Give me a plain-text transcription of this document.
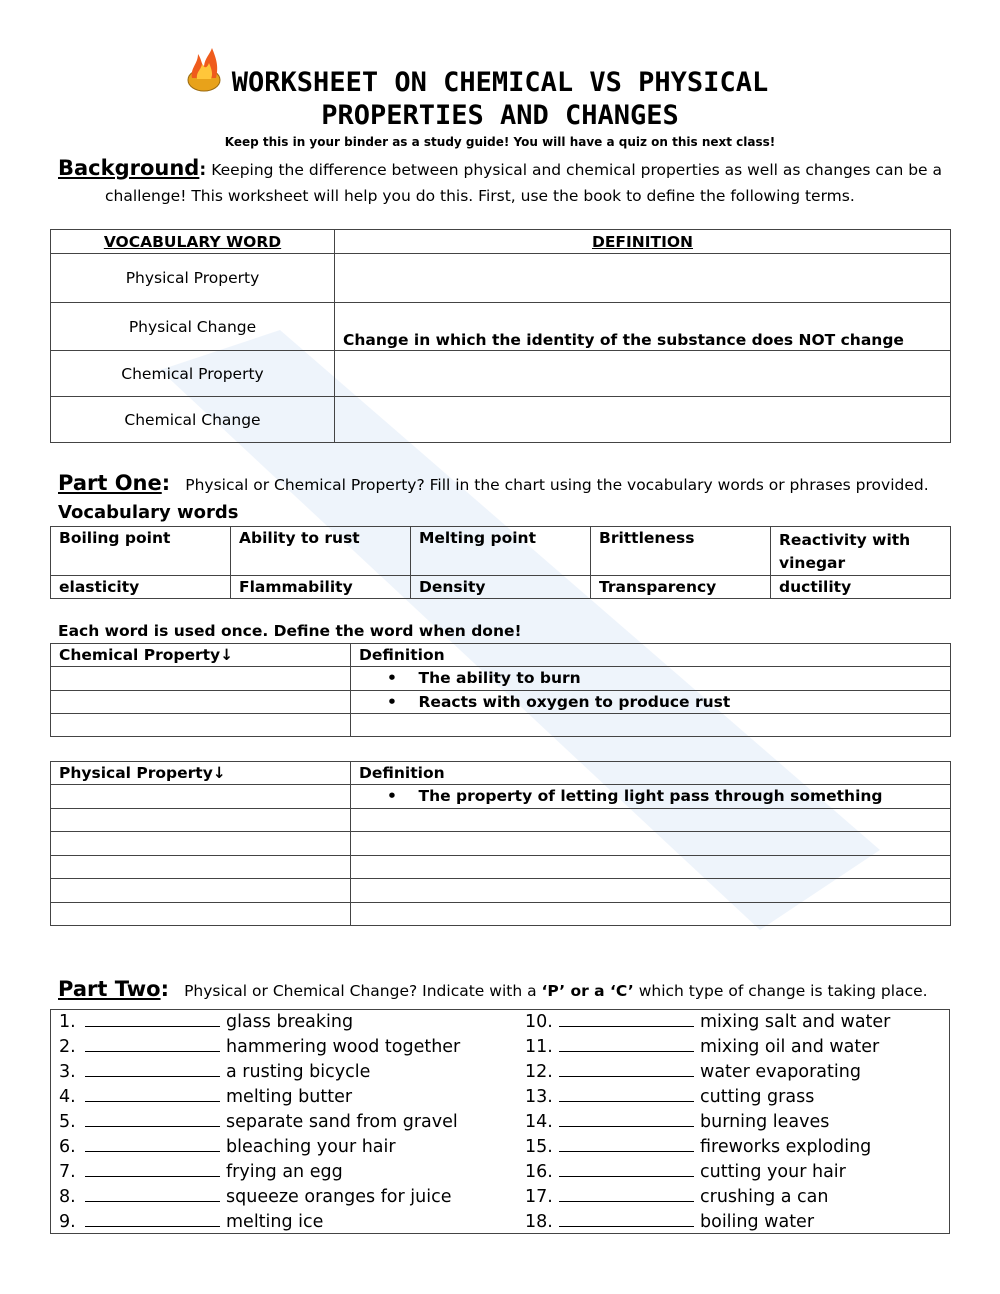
WORKSHEET ON CHEMICAL VS PHYSICAL
PROPERTIES AND CHANGES
Keep this in your binder as a study guide! You will have a quiz on this next class!
Background: Keeping the difference between physical and chemical properties as well as changes can be a
challenge! This worksheet will help you do this. First, use the book to define the following terms.
VOCABULARY WORD	DEFINITION
Physical Property	
Physical Change	Change in which the identity of the substance does NOT change
Chemical Property	
Chemical Change	
Part One: Physical or Chemical Property? Fill in the chart using the vocabulary words or phrases provided.
Vocabulary words
Boiling point	Ability to rust	Melting point	Brittleness	Reactivity with vinegar
elasticity	Flammability	Density	Transparency	ductility
Each word is used once. Define the word when done!
Chemical Property↓	Definition
	•    The ability to burn
	•    Reacts with oxygen to produce rust

Physical Property↓	Definition
	•    The property of letting light pass through something

Part Two: Physical or Chemical Change? Indicate with a ‘P’ or a ‘C’ which type of change is taking place.
1.	glass breaking
2.	hammering wood together
3.	a rusting bicycle
4.	melting butter
5.	separate sand from gravel
6.	bleaching your hair
7.	frying an egg
8.	squeeze oranges for juice
9.	melting ice
10.	mixing salt and water
11.	mixing oil and water
12.	water evaporating
13.	cutting grass
14.	burning leaves
15.	fireworks exploding
16.	cutting your hair
17.	crushing a can
18.	boiling water
